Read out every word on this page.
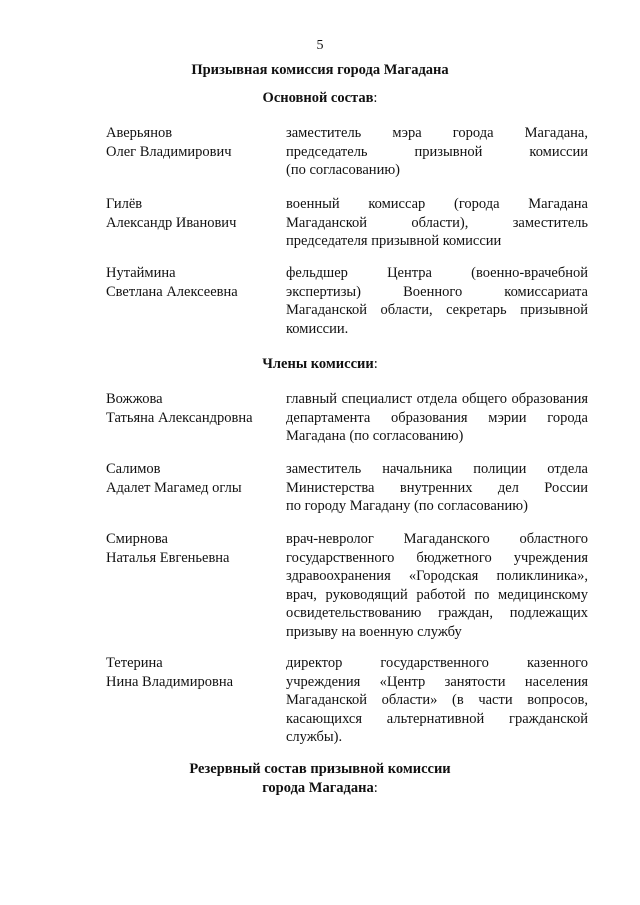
5
Призывная комиссия города Магадана
Основной состав:
Аверьянов
Олег Владимирович
заместитель мэра города Магадана,
председатель призывной комиссии
(по согласованию)
Гилёв
Александр Иванович
военный комиссар (города Магадана
Магаданской области), заместитель
председателя призывной комиссии
Нутаймина
Светлана Алексеевна
фельдшер Центра (военно-врачебной
экспертизы) Военного комиссариата
Магаданской области, секретарь призывной
комиссии.
Члены комиссии:
Вожжова
Татьяна Александровна
главный специалист отдела общего образования
департамента образования мэрии города
Магадана (по согласованию)
Салимов
Адалет Магамед оглы
заместитель начальника полиции отдела
Министерства внутренних дел России
по городу Магадану (по согласованию)
Смирнова
Наталья Евгеньевна
врач-невролог Магаданского областного
государственного бюджетного учреждения
здравоохранения «Городская поликлиника»,
врач, руководящий работой по медицинскому
освидетельствованию граждан, подлежащих
призыву на военную службу
Тетерина
Нина Владимировна
директор государственного казенного
учреждения «Центр занятости населения
Магаданской области» (в части вопросов,
касающихся альтернативной гражданской
службы).
Резервный состав призывной комиссии
города Магадана:
